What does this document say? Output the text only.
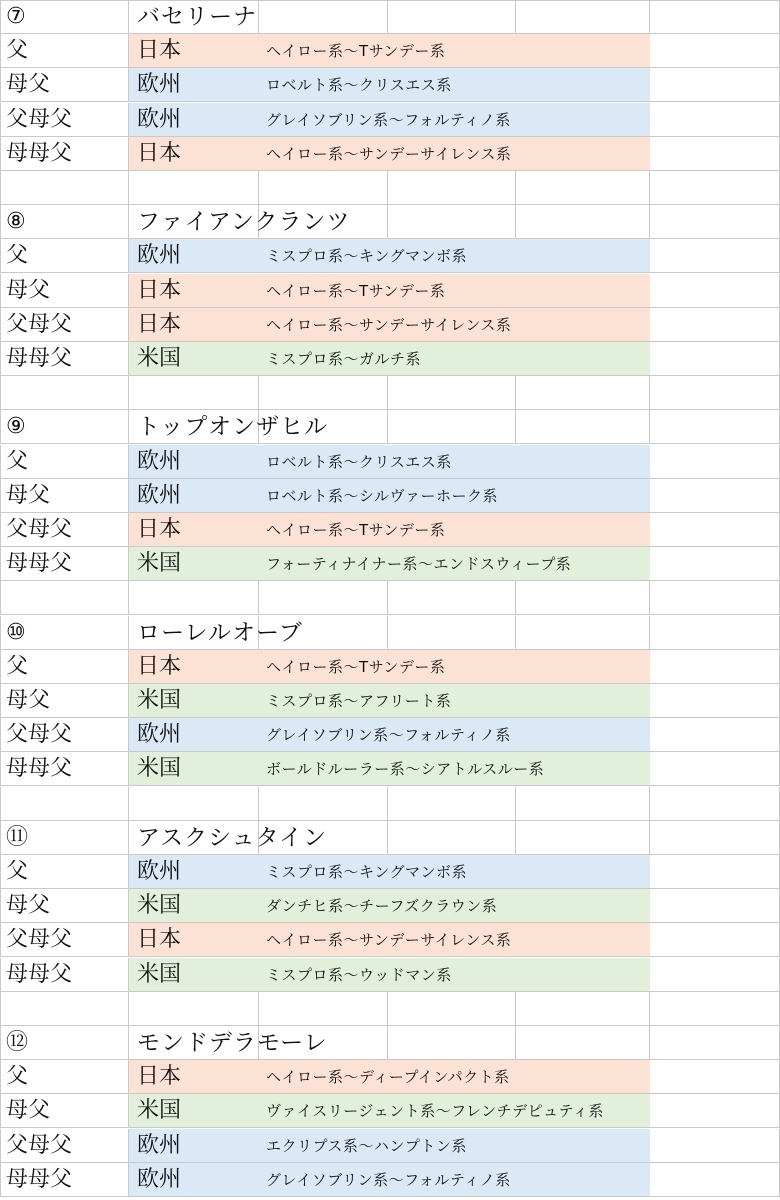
⑦	バセリーナ
父	日本	ヘイロー系〜Tサンデー系
母父	欧州	ロベルト系〜クリスエス系
父母父	欧州	グレイソブリン系〜フォルティノ系
母母父	日本	ヘイロー系〜サンデーサイレンス系
⑧	ファイアンクランツ
父	欧州	ミスプロ系〜キングマンボ系
母父	日本	ヘイロー系〜Tサンデー系
父母父	日本	ヘイロー系〜サンデーサイレンス系
母母父	米国	ミスプロ系〜ガルチ系
⑨	トップオンザヒル
父	欧州	ロベルト系〜クリスエス系
母父	欧州	ロベルト系〜シルヴァーホーク系
父母父	日本	ヘイロー系〜Tサンデー系
母母父	米国	フォーティナイナー系〜エンドスウィープ系
⑩	ローレルオーブ
父	日本	ヘイロー系〜Tサンデー系
母父	米国	ミスプロ系〜アフリート系
父母父	欧州	グレイソブリン系〜フォルティノ系
母母父	米国	ボールドルーラー系〜シアトルスルー系
⑪	アスクシュタイン
父	欧州	ミスプロ系〜キングマンボ系
母父	米国	ダンチヒ系〜チーフズクラウン系
父母父	日本	ヘイロー系〜サンデーサイレンス系
母母父	米国	ミスプロ系〜ウッドマン系
⑫	モンドデラモーレ
父	日本	ヘイロー系〜ディープインパクト系
母父	米国	ヴァイスリージェント系〜フレンチデピュティ系
父母父	欧州	エクリプス系〜ハンプトン系
母母父	欧州	グレイソブリン系〜フォルティノ系
